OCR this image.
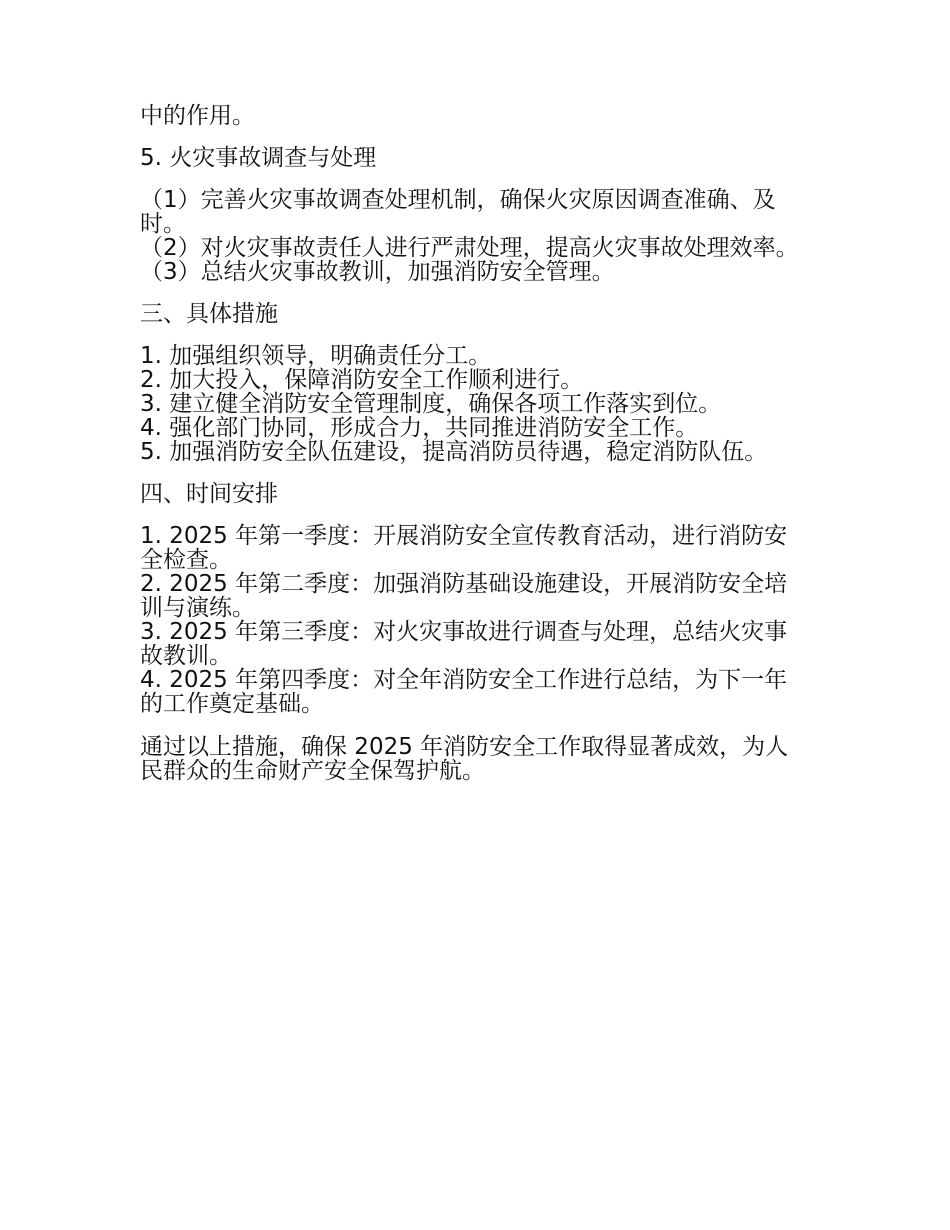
中的作用。

5. 火灾事故调查与处理

（1）完善火灾事故调查处理机制，确保火灾原因调查准确、及时。

（2）对火灾事故责任人进行严肃处理，提高火灾事故处理效率。

（3）总结火灾事故教训，加强消防安全管理。

三、具体措施

1. 加强组织领导，明确责任分工。

2. 加大投入，保障消防安全工作顺利进行。

3. 建立健全消防安全管理制度，确保各项工作落实到位。

4. 强化部门协同，形成合力，共同推进消防安全工作。

5. 加强消防安全队伍建设，提高消防员待遇，稳定消防队伍。

四、时间安排

1. 2025 年第一季度：开展消防安全宣传教育活动，进行消防安全检查。

2. 2025 年第二季度：加强消防基础设施建设，开展消防安全培训与演练。

3. 2025 年第三季度：对火灾事故进行调查与处理，总结火灾事故教训。

4. 2025 年第四季度：对全年消防安全工作进行总结，为下一年的工作奠定基础。

通过以上措施，确保 2025 年消防安全工作取得显著成效，为人民群众的生命财产安全保驾护航。
